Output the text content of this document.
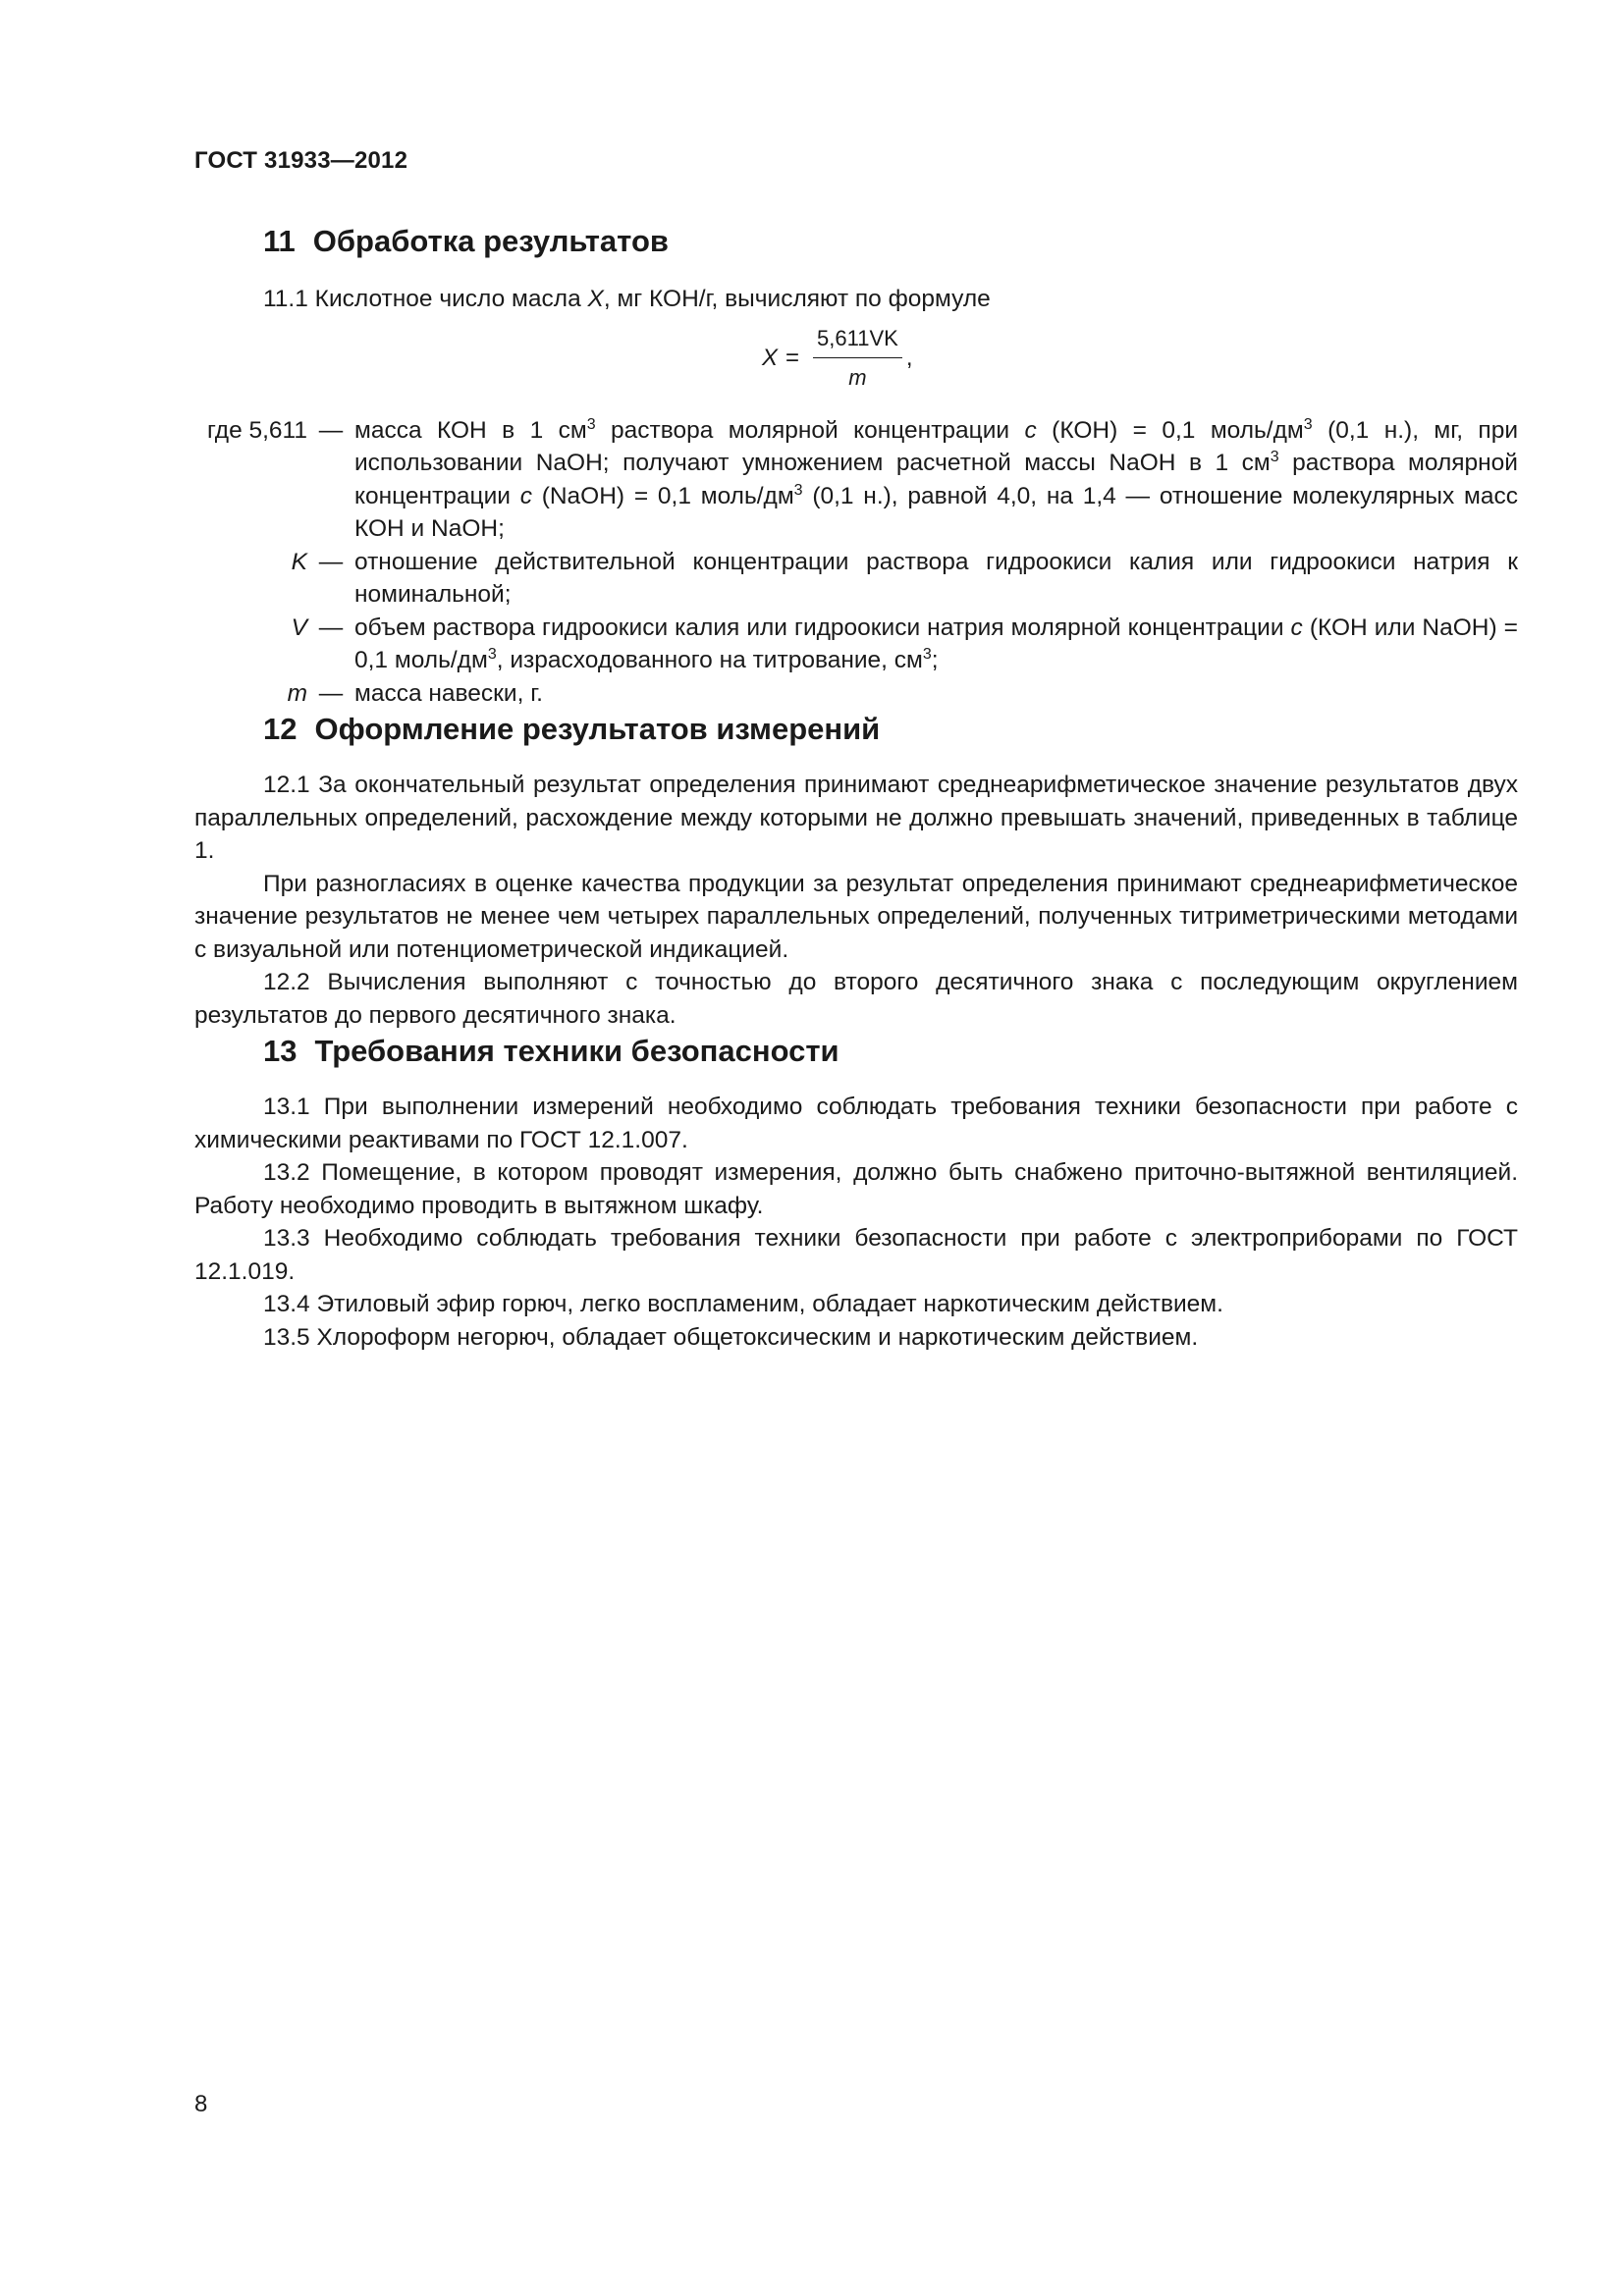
ГОСТ 31933—2012
11 Обработка результатов

11.1 Кислотное число масла X, мг КОН/г, вычисляют по формуле

$X = \frac{5,611VK}{m}$ ,
где 5,611 — масса КОН в 1 $см^3$ раствора молярной концентрации c (КОН) = 0,1 моль/$дм^3$ (0,1 н.), мг, при использовании NaOH; получают умножением расчетной массы NaOH в 1 $см^3$ раствора молярной концентрации c (NaOH) = 0,1 моль/$дм^3$ (0,1 н.), равной 4,0, на 1,4 — отношение молекулярных масс КОН и NaOH;
K — отношение действительной концентрации раствора гидроокиси калия или гидроокиси натрия к номинальной;
V — объем раствора гидроокиси калия или гидроокиси натрия молярной концентрации c (КОН или NaOH) = 0,1 моль/$дм^3$, израсходованного на титрование, $см^3$;
m — масса навески, г.
12 Оформление результатов измерений

12.1 За окончательный результат определения принимают среднеарифметическое значение результатов двух параллельных определений, расхождение между которыми не должно превышать значений, приведенных в таблице 1.

При разногласиях в оценке качества продукции за результат определения принимают среднеарифметическое значение результатов не менее чем четырех параллельных определений, полученных титриметрическими методами с визуальной или потенциометрической индикацией.

12.2 Вычисления выполняют с точностью до второго десятичного знака с последующим округлением результатов до первого десятичного знака.

13 Требования техники безопасности

13.1 При выполнении измерений необходимо соблюдать требования техники безопасности при работе с химическими реактивами по ГОСТ 12.1.007.

13.2 Помещение, в котором проводят измерения, должно быть снабжено приточно-вытяжной вентиляцией. Работу необходимо проводить в вытяжном шкафу.

13.3 Необходимо соблюдать требования техники безопасности при работе с электроприборами по ГОСТ 12.1.019.

13.4 Этиловый эфир горюч, легко воспламеним, обладает наркотическим действием.

13.5 Хлороформ негорюч, обладает общетоксическим и наркотическим действием.

8
